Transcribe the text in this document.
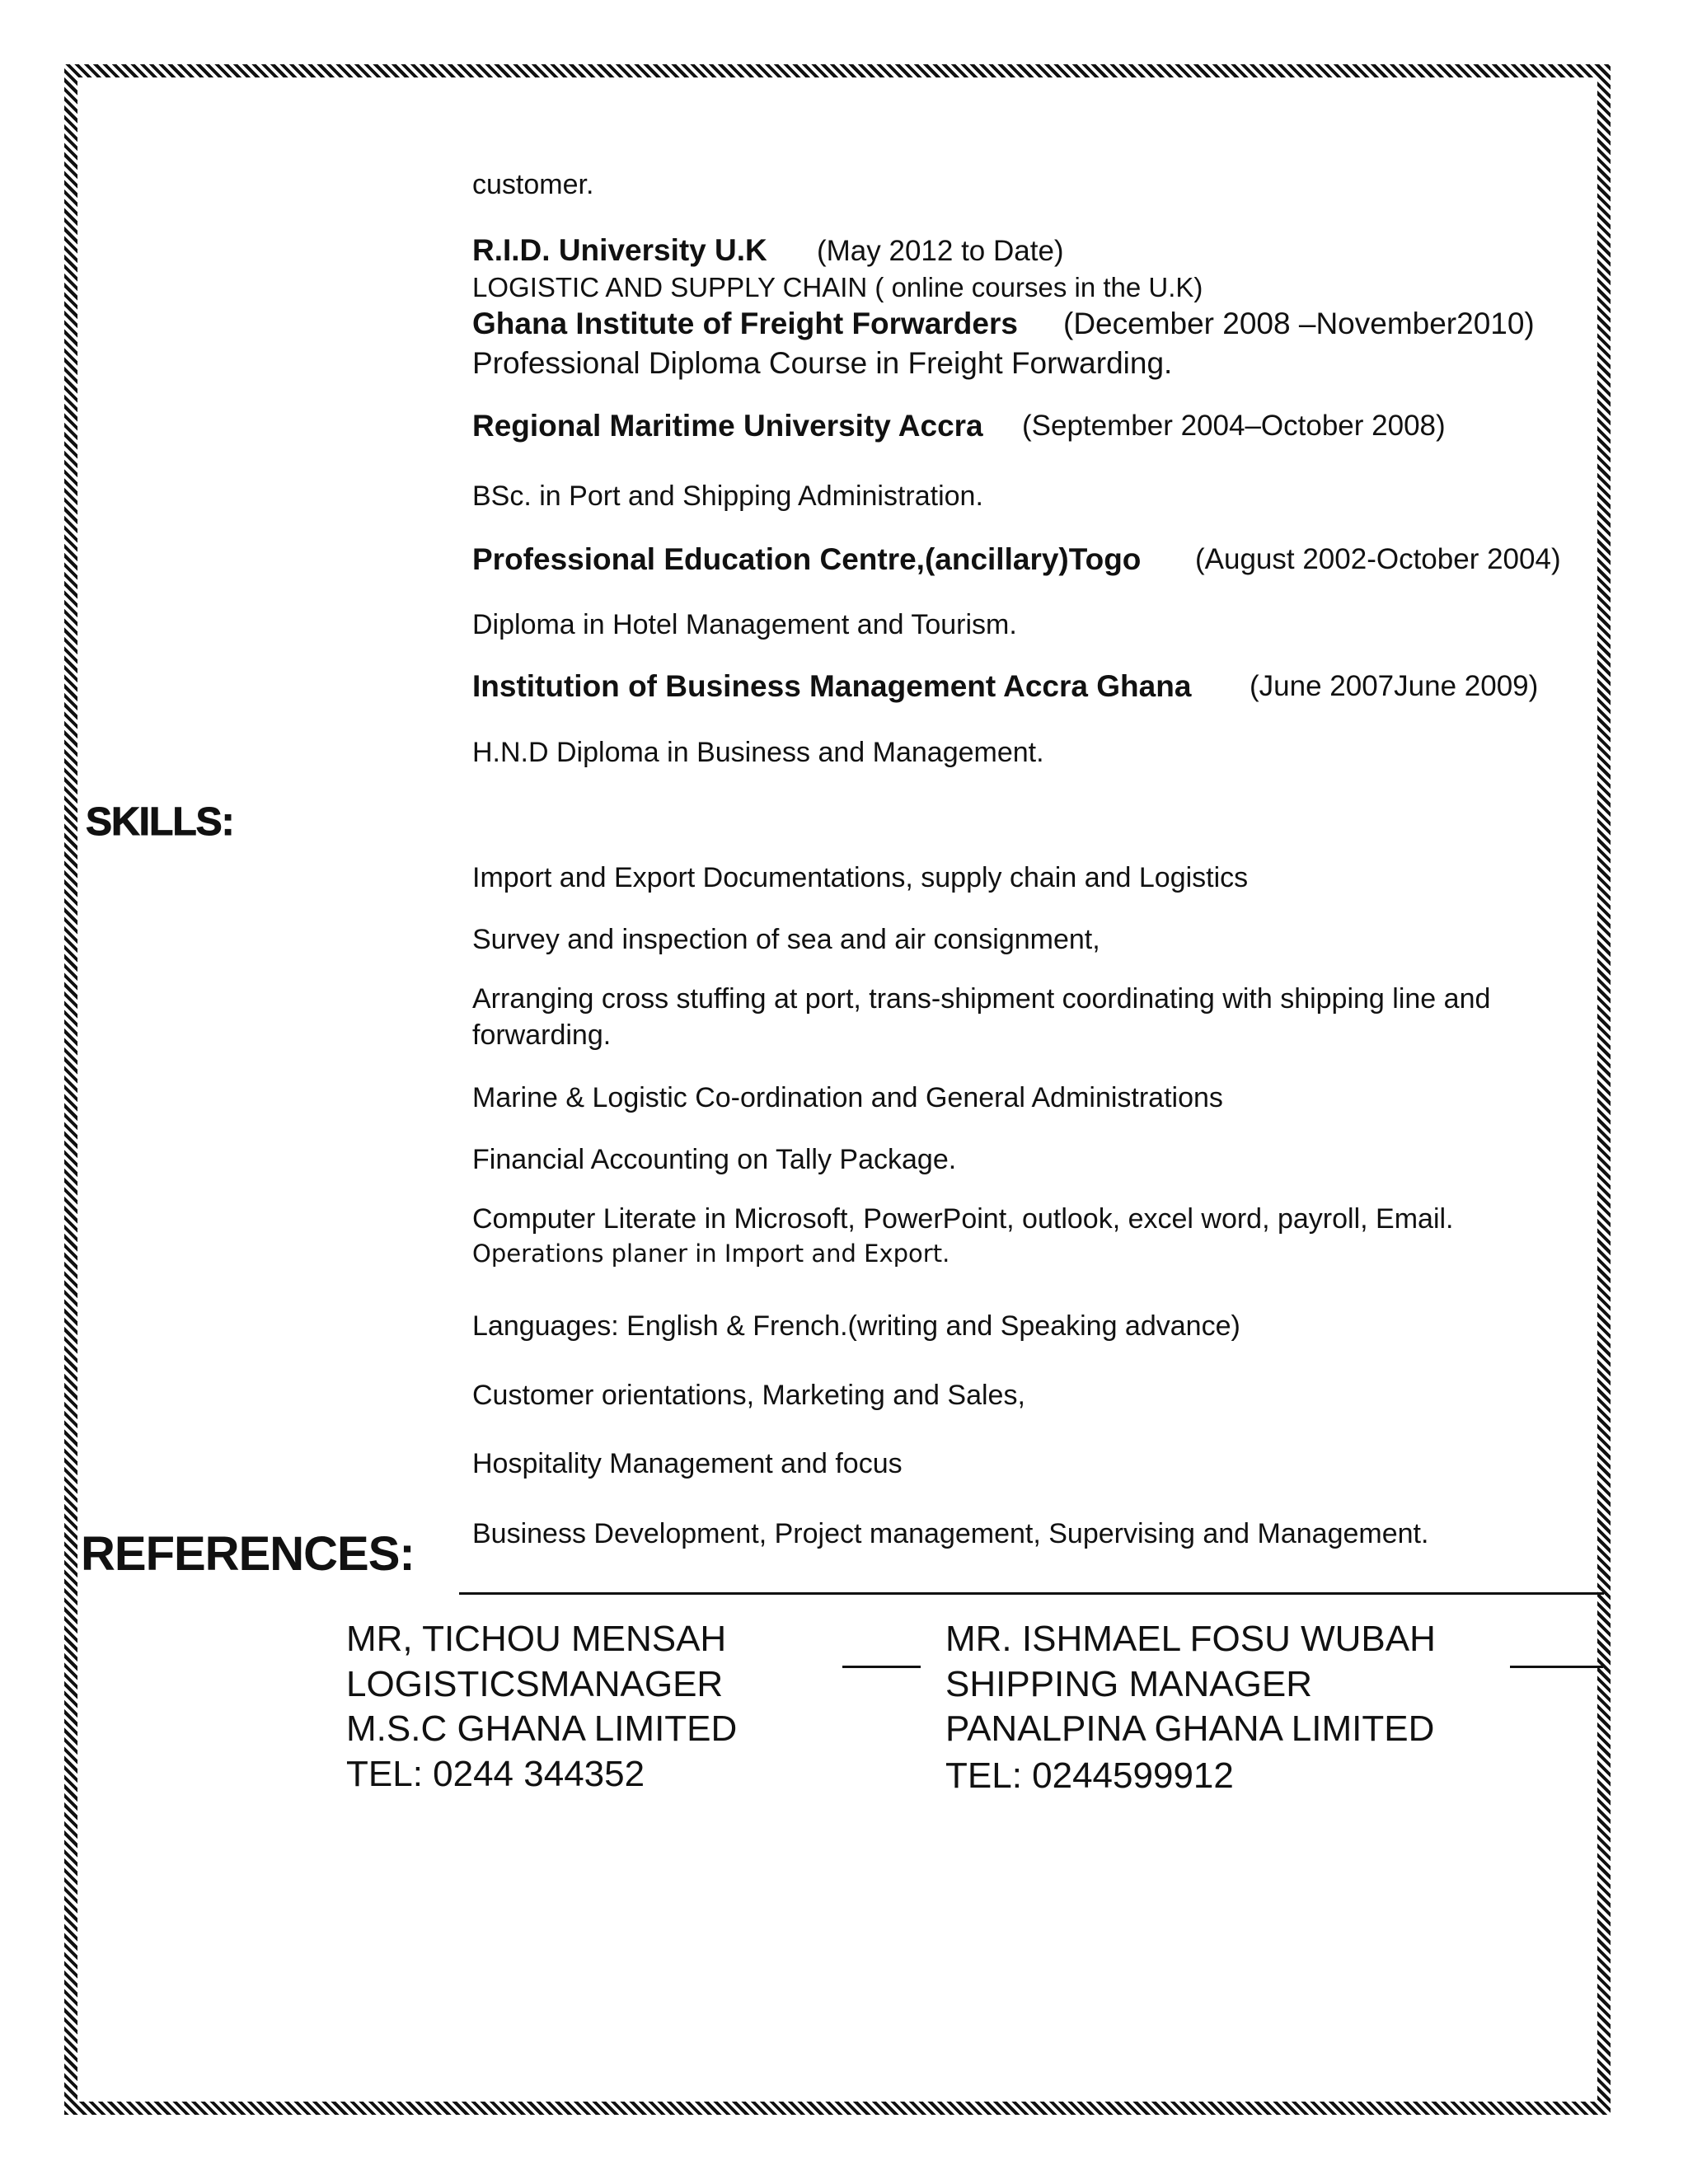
customer.
R.I.D. University U.K (May 2012 to Date)
LOGISTIC AND SUPPLY CHAIN ( online courses in the U.K)
Ghana Institute of Freight Forwarders (December 2008 –November2010)
Professional Diploma Course in Freight Forwarding.
Regional Maritime University Accra (September 2004–October 2008)
BSc. in Port and Shipping Administration.
Professional Education Centre,(ancillary)Togo (August 2002-October 2004)
Diploma in Hotel Management and Tourism.
Institution of Business Management Accra Ghana (June 2007June 2009)
H.N.D Diploma in Business and Management.
SKILLS:
Import and Export Documentations, supply chain and Logistics
Survey and inspection of sea and air consignment,
Arranging cross stuffing at port, trans-shipment coordinating with shipping line and
forwarding.
Marine & Logistic Co-ordination and General Administrations
Financial Accounting on Tally Package.
Computer Literate in Microsoft, PowerPoint, outlook, excel word, payroll, Email.
Operations planer in Import and Export.
Languages: English & French.(writing and Speaking advance)
Customer orientations, Marketing and Sales,
Hospitality Management and focus
Business Development, Project management, Supervising and Management.
REFERENCES:
MR, TICHOU MENSAH
LOGISTICSMANAGER
M.S.C GHANA LIMITED
TEL: 0244 344352
MR. ISHMAEL FOSU WUBAH
SHIPPING MANAGER
PANALPINA GHANA LIMITED
TEL: 0244599912
